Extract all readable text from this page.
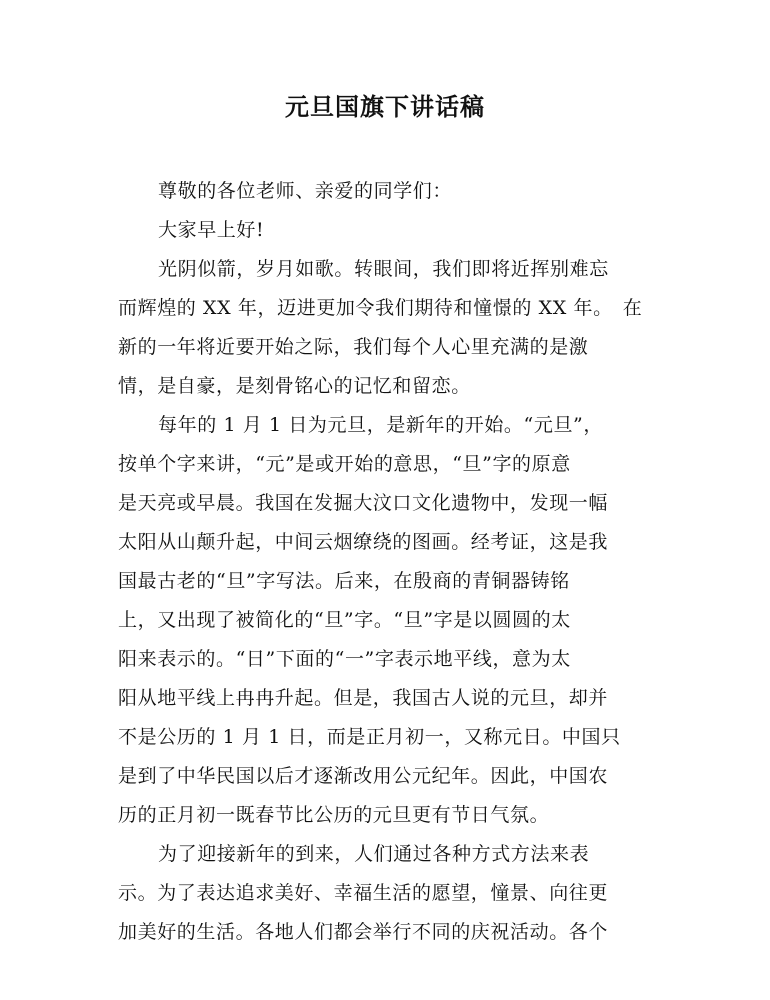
元旦国旗下讲话稿
尊敬的各位老师、亲爱的同学们：
大家早上好!
光阴似箭，岁月如歌。转眼间，我们即将近挥别难忘
而辉煌的 XX 年，迈进更加令我们期待和憧憬的 XX 年。　在
新的一年将近要开始之际，我们每个人心里充满的是激
情，是自豪，是刻骨铭心的记忆和留恋。
每年的 1 月 1 日为元旦，是新年的开始。“元旦”，
按单个字来讲，“元”是或开始的意思，“旦”字的原意
是天亮或早晨。我国在发掘大汶口文化遗物中，发现一幅
太阳从山颠升起，中间云烟缭绕的图画。经考证，这是我
国最古老的“旦”字写法。后来，在殷商的青铜器铸铭
上，又出现了被简化的“旦”字。“旦”字是以圆圆的太
阳来表示的。“日”下面的“一”字表示地平线，意为太
阳从地平线上冉冉升起。但是，我国古人说的元旦，却并
不是公历的 1 月 1 日，而是正月初一，又称元日。中国只
是到了中华民国以后才逐渐改用公元纪年。因此，中国农
历的正月初一既春节比公历的元旦更有节日气氛。
为了迎接新年的到来，人们通过各种方式方法来表
示。为了表达追求美好、幸福生活的愿望，憧景、向往更
加美好的生活。各地人们都会举行不同的庆祝活动。各个
